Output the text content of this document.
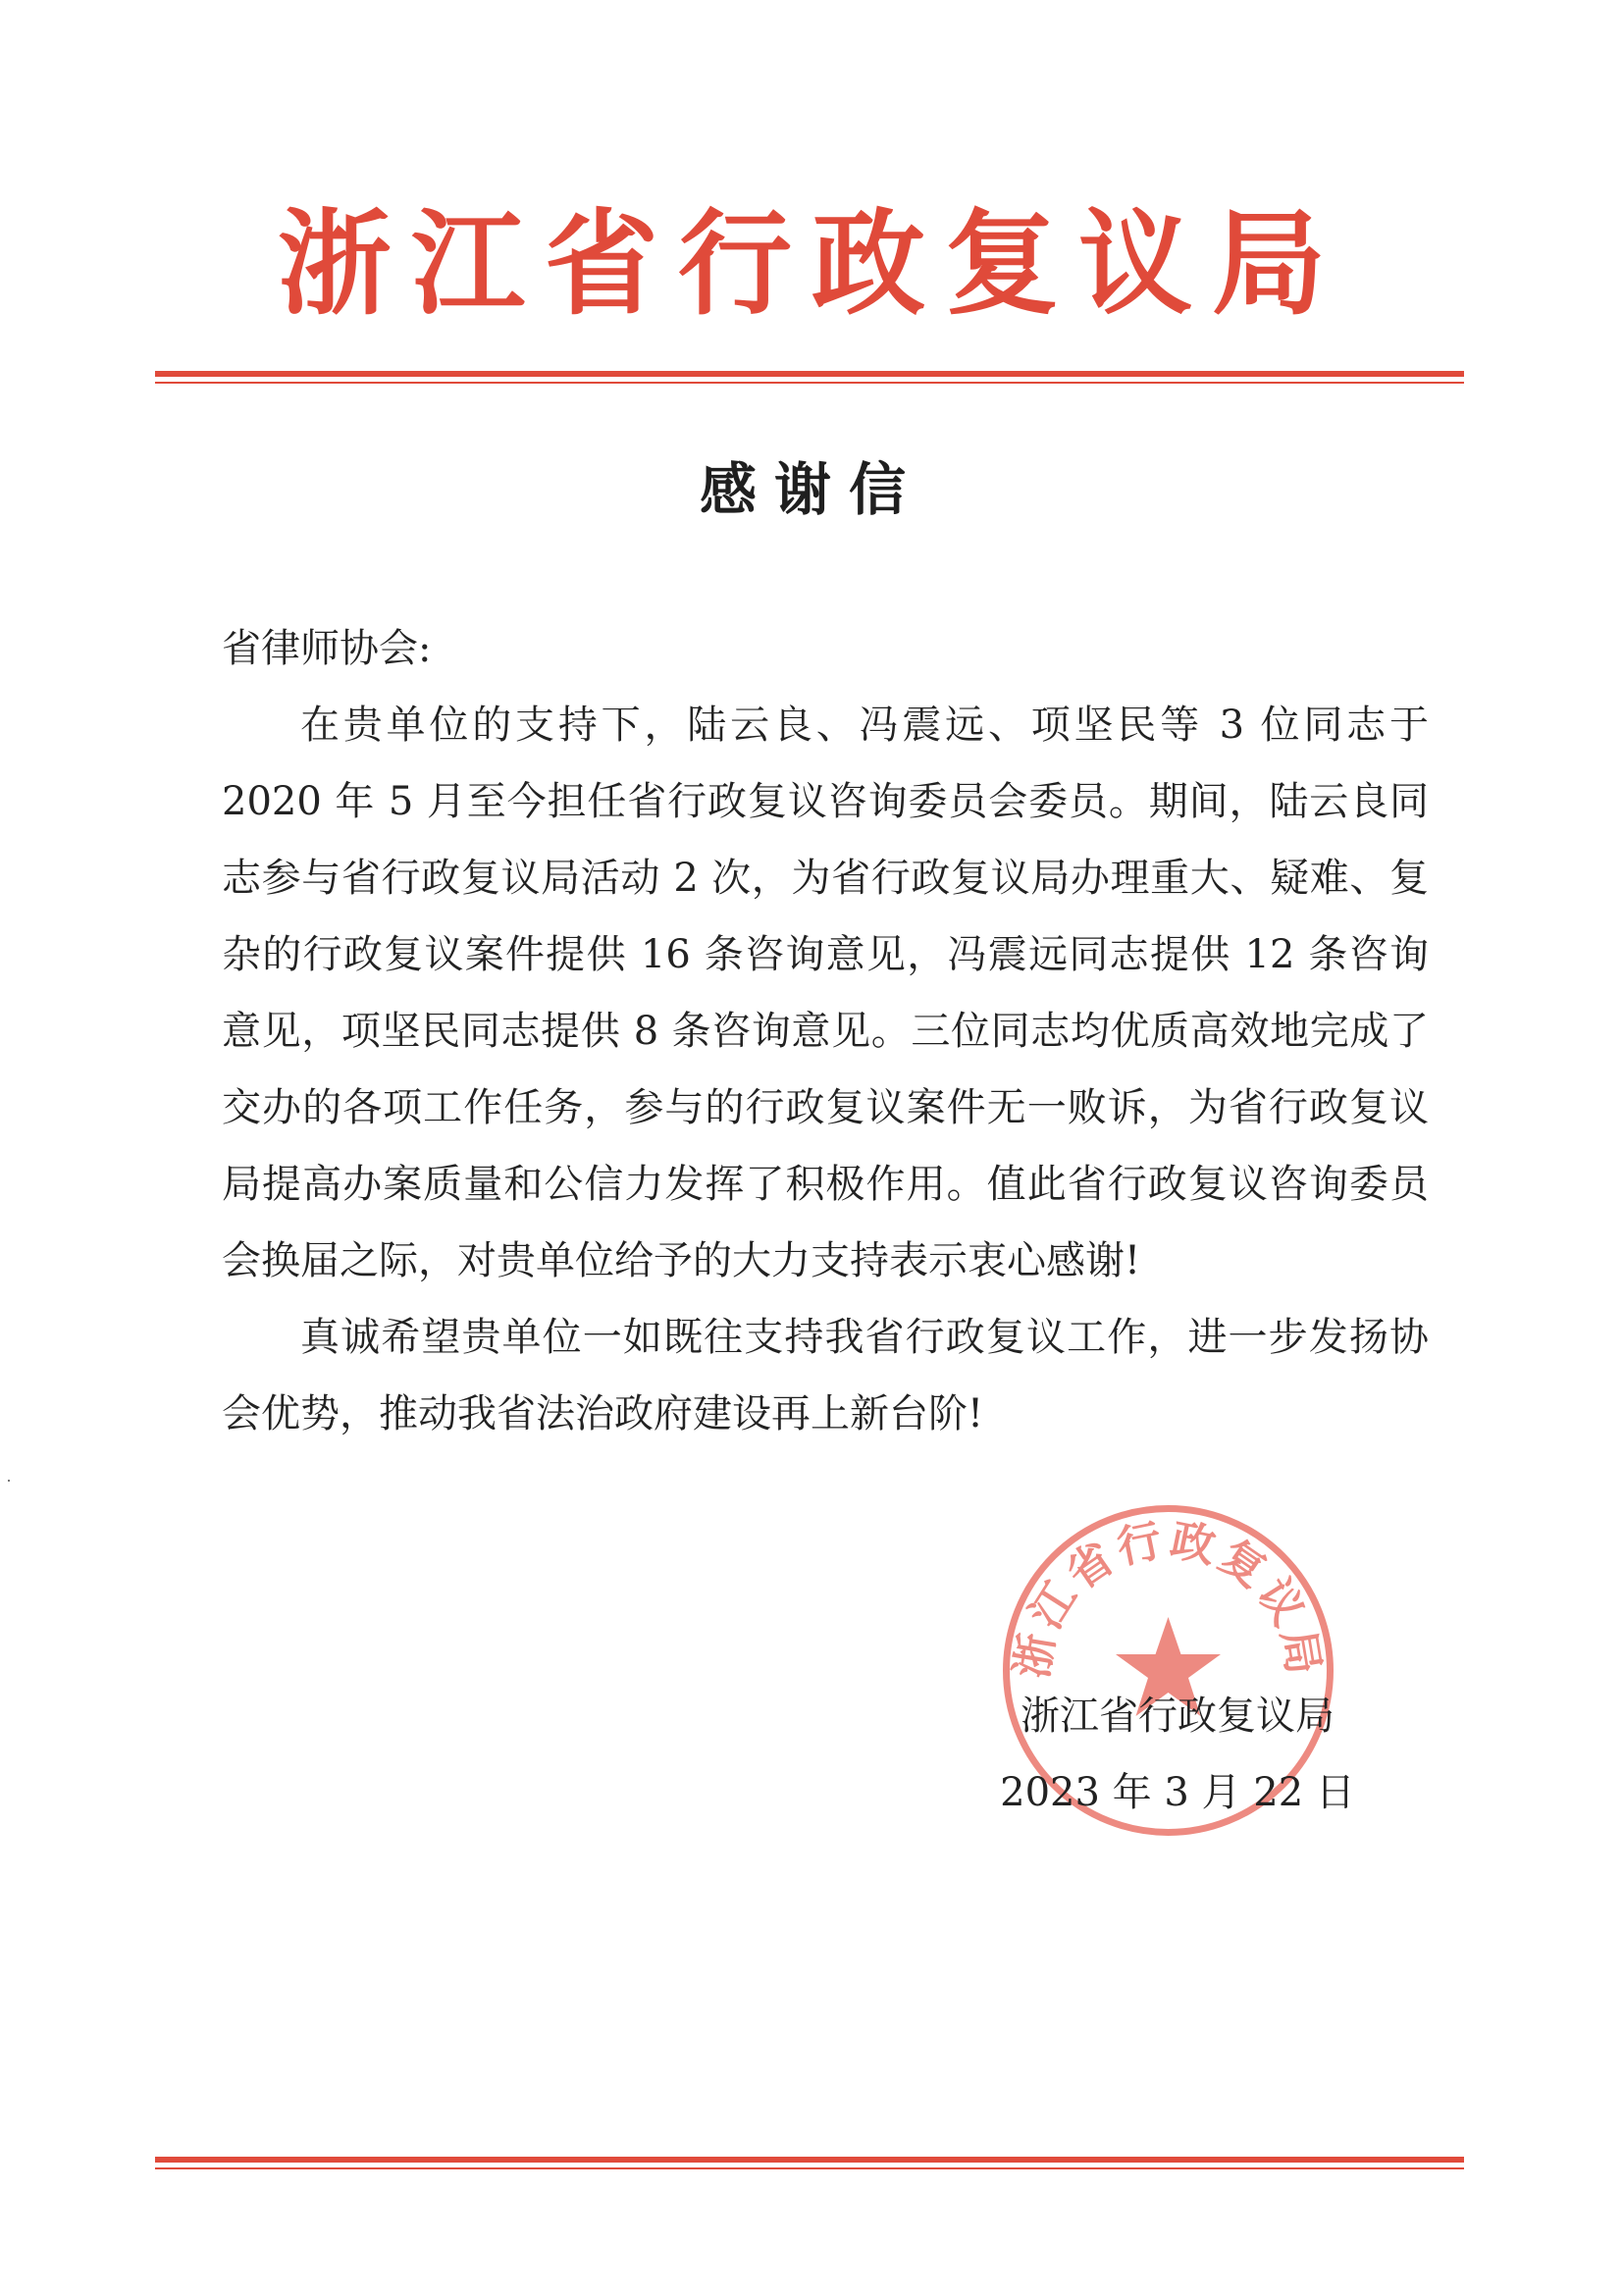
浙江省行政复议局
感谢信

省律师协会:

在贵单位的支持下，陆云良、冯震远、项坚民等 3 位同志于 2020 年 5 月至今担任省行政复议咨询委员会委员。期间，陆云良同志参与省行政复议局活动 2 次，为省行政复议局办理重大、疑难、复杂的行政复议案件提供 16 条咨询意见，冯震远同志提供 12 条咨询意见，项坚民同志提供 8 条咨询意见。三位同志均优质高效地完成了交办的各项工作任务，参与的行政复议案件无一败诉，为省行政复议局提高办案质量和公信力发挥了积极作用。值此省行政复议咨询委员会换届之际，对贵单位给予的大力支持表示衷心感谢!

真诚希望贵单位一如既往支持我省行政复议工作，进一步发扬协会优势，推动我省法治政府建设再上新台阶!

浙江省行政复议局
浙江省行政复议局
2023 年 3 月 22 日
